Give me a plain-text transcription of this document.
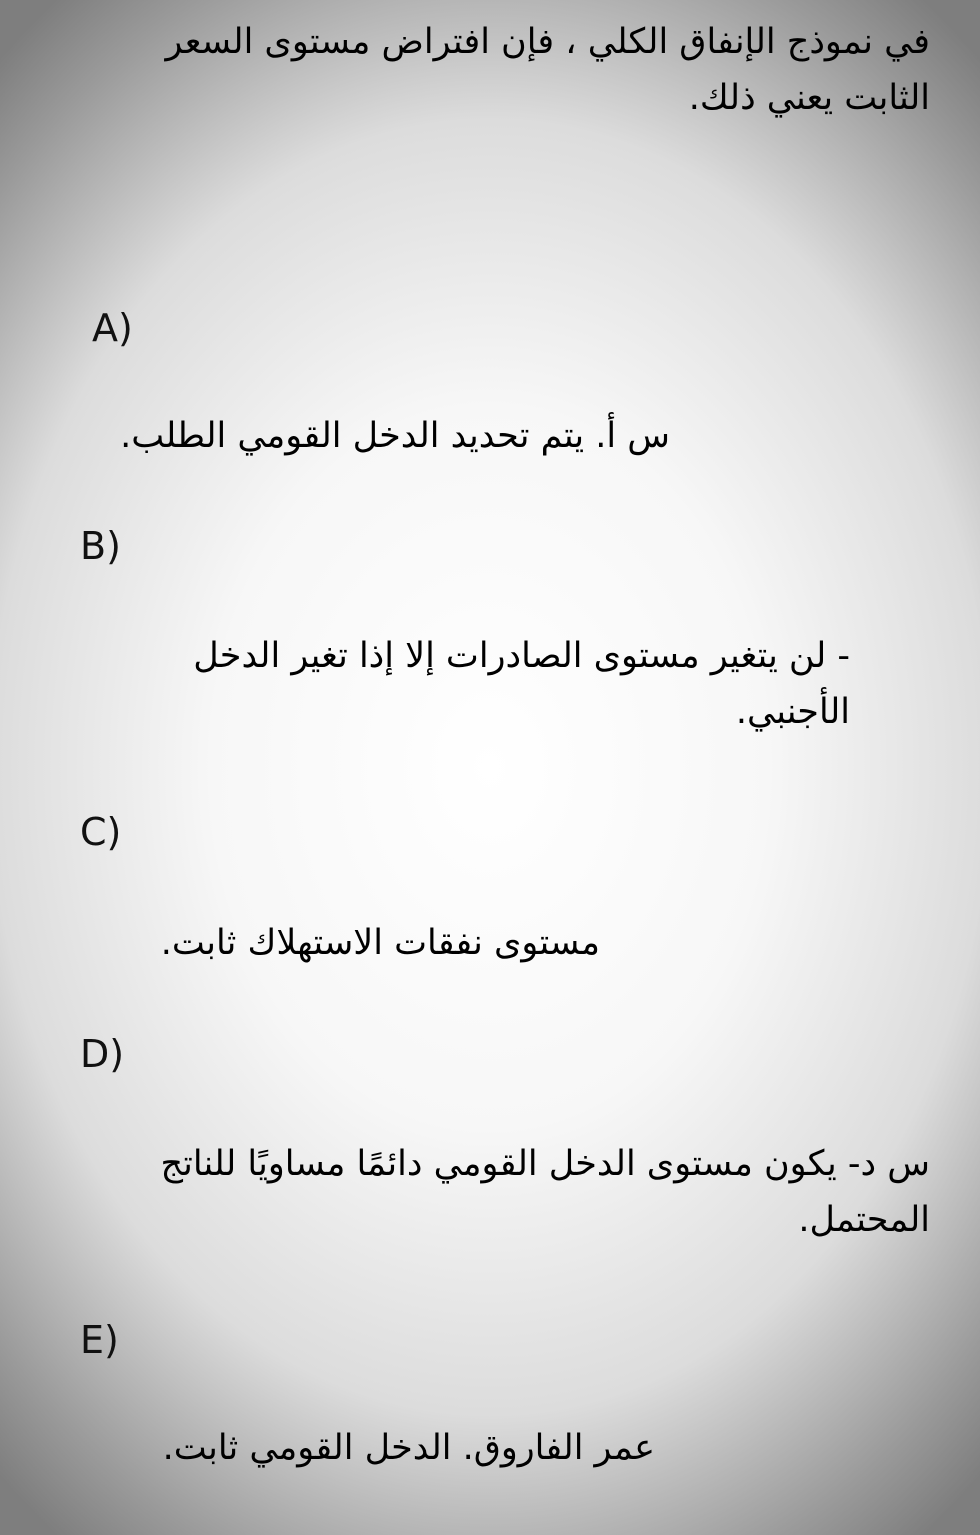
في نموذج الإنفاق الكلي ، فإن افتراض مستوى السعر الثابت يعني ذلك.
A)
س أ. يتم تحديد الدخل القومي الطلب.
B)
- لن يتغير مستوى الصادرات إلا إذا تغير الدخل الأجنبي.
C)
مستوى نفقات الاستهلاك ثابت.
D)
س د- يكون مستوى الدخل القومي دائمًا مساويًا للناتج المحتمل.
E)
عمر الفاروق. الدخل القومي ثابت.
